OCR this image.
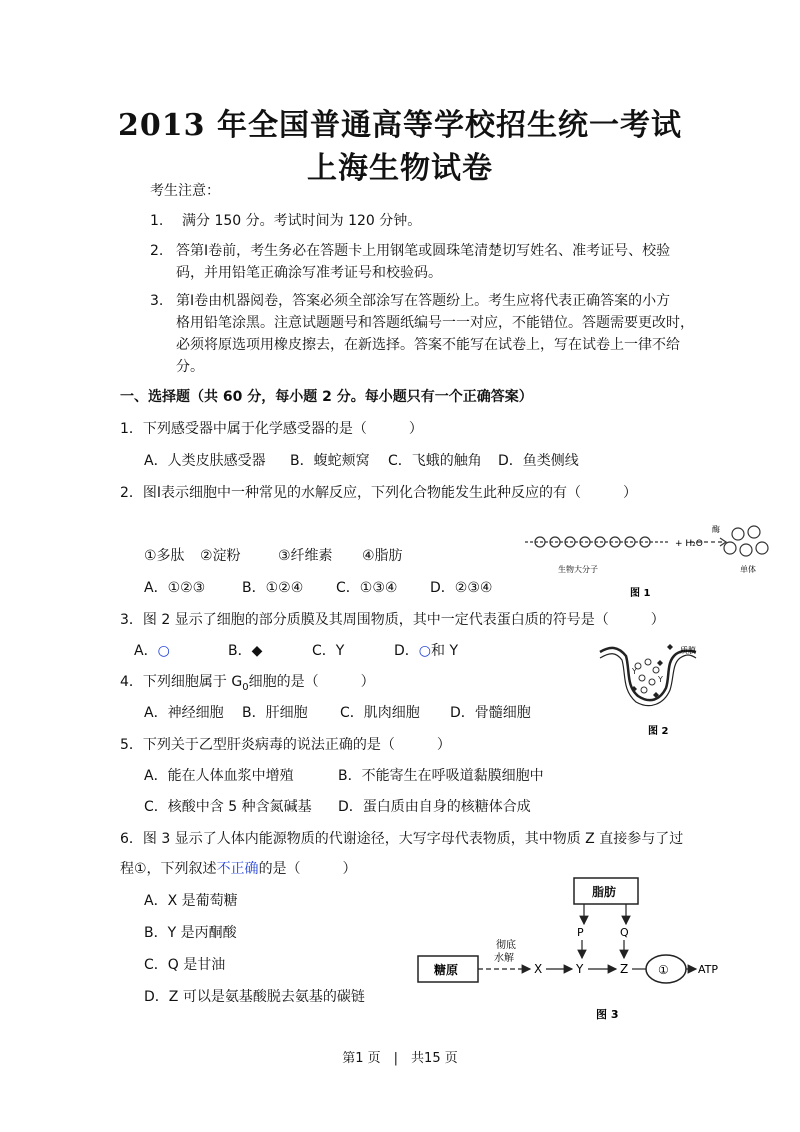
2013 年全国普通高等学校招生统一考试
上海生物试卷
考生注意：
1. 满分 150 分。考试时间为 120 分钟。
2. 答第Ⅰ卷前，考生务必在答题卡上用钢笔或圆珠笔清楚切写姓名、准考证号、校验
码，并用铅笔正确涂写准考证号和校验码。
3. 第Ⅰ卷由机器阅卷，答案必须全部涂写在答题纷上。考生应将代表正确答案的小方
格用铅笔涂黑。注意试题题号和答题纸编号一一对应，不能错位。答题需要更改时，
必须将原选项用橡皮擦去，在新选择。答案不能写在试卷上，写在试卷上一律不给
分。
一、选择题（共 60 分，每小题 2 分。每小题只有一个正确答案）
1．下列感受器中属于化学感受器的是（　　　）
A．人类皮肤感受器 B．蝮蛇颊窝 C．飞蛾的触角 D．鱼类侧线
2．图Ⅰ表示细胞中一种常见的水解反应，下列化合物能发生此种反应的有（　　　）
①多肽 ②淀粉	③纤维素 ④脂肪
A．①②③	B．①②④ C．①③④ D．②③④
+ H₂O
酶
生物大分子	单体
图 1
3．图 2 显示了细胞的部分质膜及其周围物质，其中一定代表蛋白质的符号是（　　　）
A．○	B．◆	C．Y	D．○和 Y
Y
Y
质膜
图 2
4．下列细胞属于 $G_0$细胞的是（　　　）
A．神经细胞 B．肝细胞 C．肌肉细胞 D．骨髓细胞
5．下列关于乙型肝炎病毒的说法正确的是（　　　）
A．能在人体血浆中增殖	B．不能寄生在呼吸道黏膜细胞中
C．核酸中含 5 种含氮碱基 D．蛋白质由自身的核糖体合成
6．图 3 显示了人体内能源物质的代谢途径，大写字母代表物质，其中物质 Z 直接参与了过
程①，下列叙述不正确的是（　　　）
A．X 是葡萄糖
B．Y 是丙酮酸
C．Q 是甘油
D．Z 可以是氨基酸脱去氨基的碳链
脂肪
糖原
彻底
水解
X	Y	Z
P	Q
①	ATP
图 3
第1 页　|　共15 页
